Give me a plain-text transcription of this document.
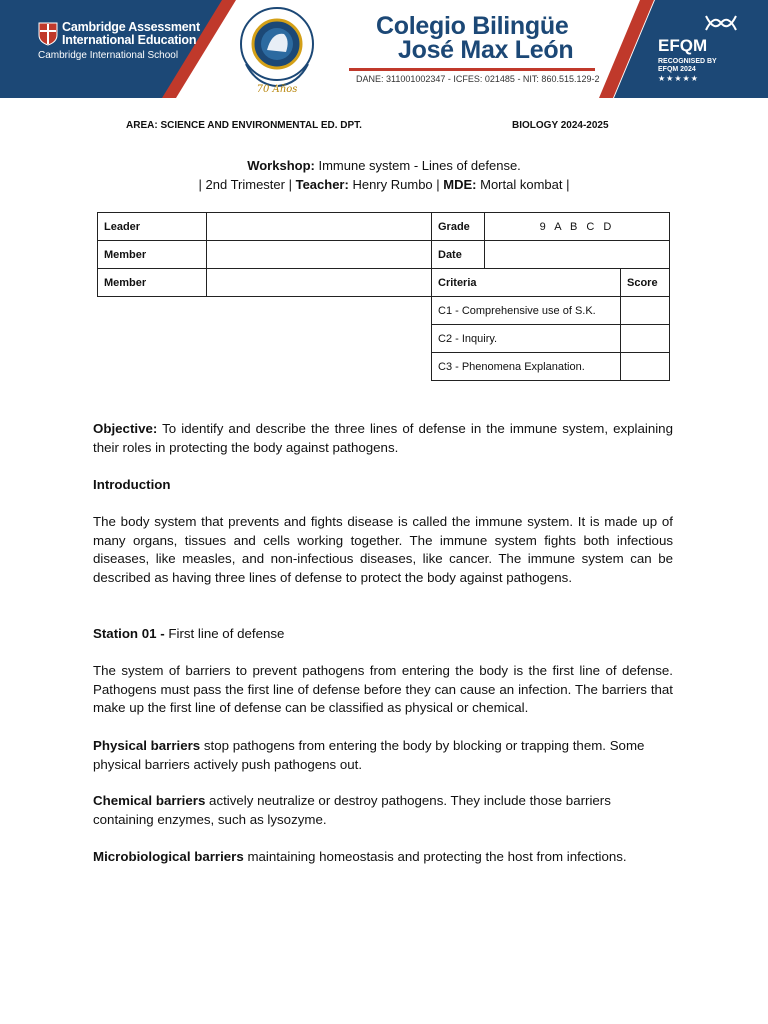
Cambridge Assessment
International Education
Cambridge International School
70 Años
Colegio Bilingüe
José Max León
DANE: 311001002347 - ICFES: 021485 - NIT: 860.515.129-2
EFQM
RECOGNISED BY
EFQM 2024
★★★★★
AREA: SCIENCE AND ENVIRONMENTAL ED. DPT.	BIOLOGY 2024-2025
Workshop: Immune system - Lines of defense.
| 2nd Trimester | Teacher: Henry Rumbo | MDE: Mortal kombat |
Leader		Grade	9 A B C D	
Member		Date		
Member		Criteria		Score
		C1 - Comprehensive use of S.K.		
		C2 - Inquiry.		
		C3 - Phenomena Explanation.		
Objective: To identify and describe the three lines of defense in the immune system, explaining their roles in protecting the body against pathogens.
Introduction
The body system that prevents and fights disease is called the immune system. It is made up of many organs, tissues and cells working together. The immune system fights both infectious diseases, like measles, and non-infectious diseases, like cancer. The immune system can be described as having three lines of defense to protect the body against pathogens.
Station 01 - First line of defense
The system of barriers to prevent pathogens from entering the body is the first line of defense. Pathogens must pass the first line of defense before they can cause an infection. The barriers that make up the first line of defense can be classified as physical or chemical.
Physical barriers stop pathogens from entering the body by blocking or trapping them. Some physical barriers actively push pathogens out.
Chemical barriers actively neutralize or destroy pathogens. They include those barriers containing enzymes, such as lysozyme.
Microbiological barriers maintaining homeostasis and protecting the host from infections.
